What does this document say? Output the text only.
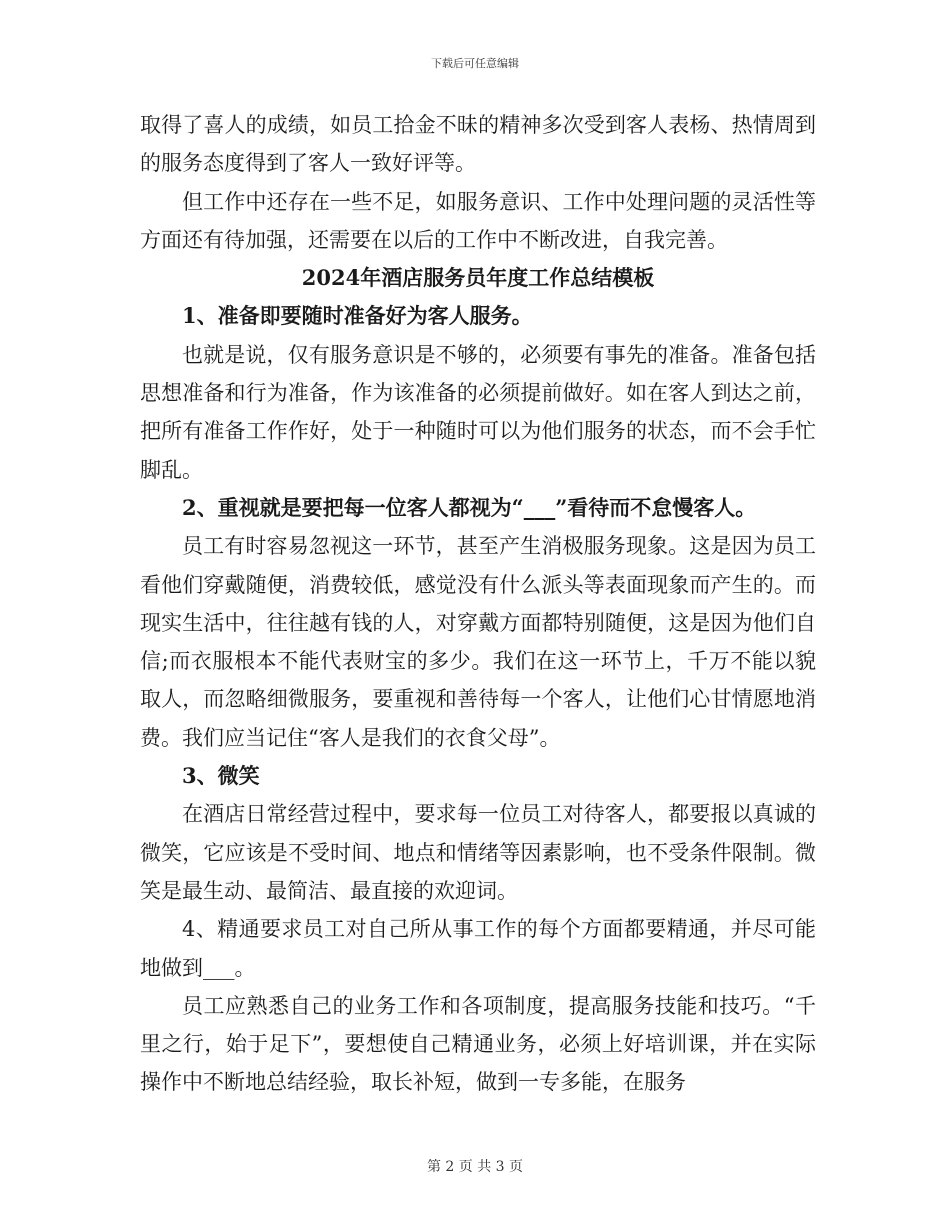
下载后可任意编辑

取得了喜人的成绩，如员工拾金不昧的精神多次受到客人表杨、热情周到的服务态度得到了客人一致好评等。

但工作中还存在一些不足，如服务意识、工作中处理问题的灵活性等方面还有待加强，还需要在以后的工作中不断改进，自我完善。

2024年酒店服务员年度工作总结模板

1、准备即要随时准备好为客人服务。

也就是说，仅有服务意识是不够的，必须要有事先的准备。准备包括思想准备和行为准备，作为该准备的必须提前做好。如在客人到达之前，把所有准备工作作好，处于一种随时可以为他们服务的状态，而不会手忙脚乱。

2、重视就是要把每一位客人都视为“___”看待而不怠慢客人。

员工有时容易忽视这一环节，甚至产生消极服务现象。这是因为员工看他们穿戴随便，消费较低，感觉没有什么派头等表面现象而产生的。而现实生活中，往往越有钱的人，对穿戴方面都特别随便，这是因为他们自信;而衣服根本不能代表财宝的多少。我们在这一环节上，千万不能以貌取人，而忽略细微服务，要重视和善待每一个客人，让他们心甘情愿地消费。我们应当记住“客人是我们的衣食父母”。

3、微笑

在酒店日常经营过程中，要求每一位员工对待客人，都要报以真诚的微笑，它应该是不受时间、地点和情绪等因素影响，也不受条件限制。微笑是最生动、最简洁、最直接的欢迎词。

4、精通要求员工对自己所从事工作的每个方面都要精通，并尽可能地做到___。

员工应熟悉自己的业务工作和各项制度，提高服务技能和技巧。“千里之行，始于足下”，要想使自己精通业务，必须上好培训课，并在实际操作中不断地总结经验，取长补短，做到一专多能，在服务

第 2 页 共 3 页
